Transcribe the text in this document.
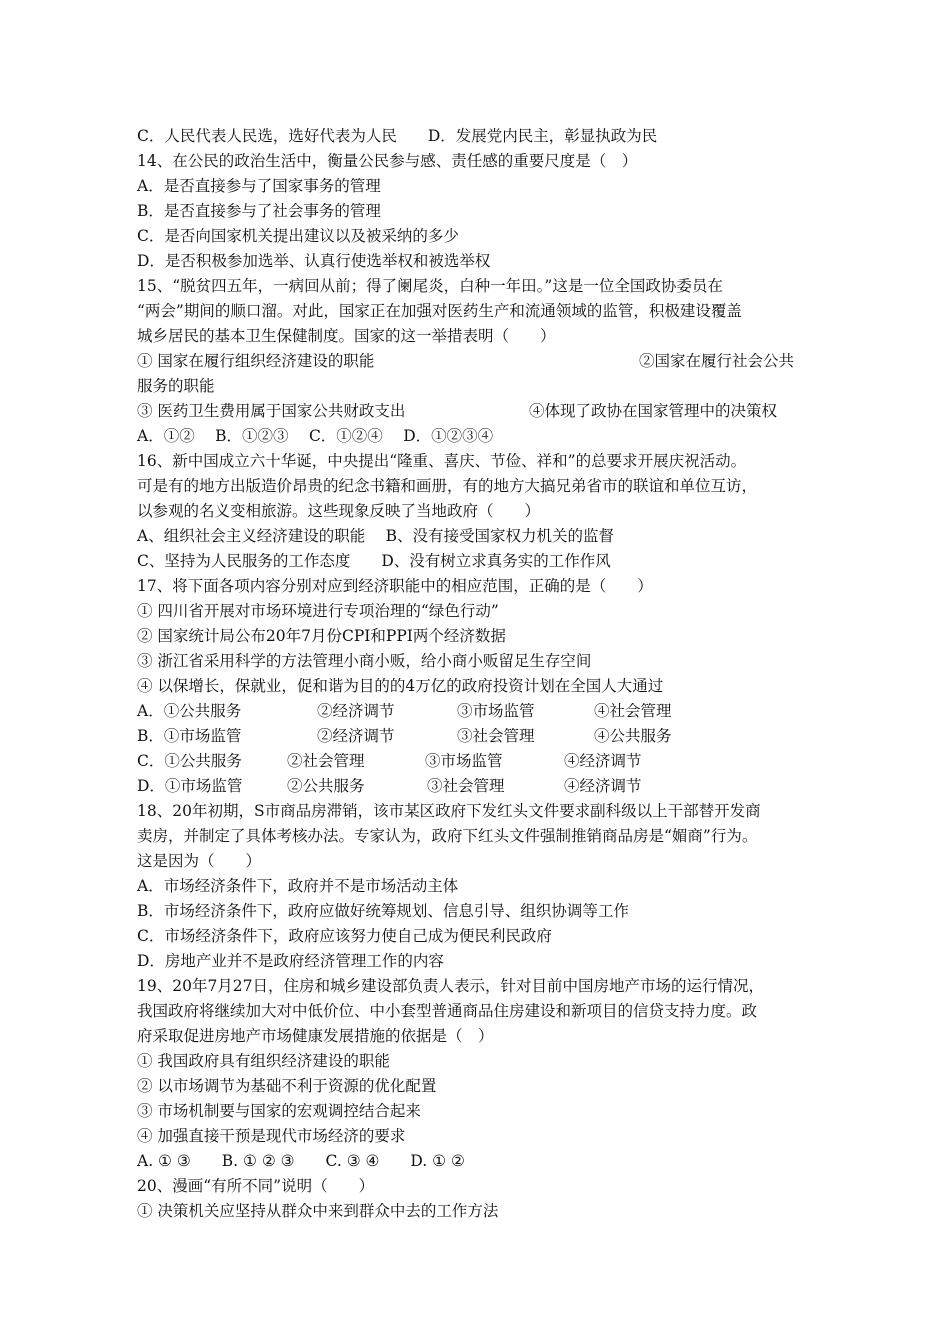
C．人民代表人民选，选好代表为人民　　D．发展党内民主，彰显执政为民
14、在公民的政治生活中，衡量公民参与感、责任感的重要尺度是（　）
A．是否直接参与了国家事务的管理
B．是否直接参与了社会事务的管理
C．是否向国家机关提出建议以及被采纳的多少
D．是否积极参加选举、认真行使选举权和被选举权
15、“脱贫四五年，一病回从前；得了阑尾炎，白种一年田。”这是一位全国政协委员在
“两会”期间的顺口溜。对此，国家正在加强对医药生产和流通领域的监管，积极建设覆盖
城乡居民的基本卫生保健制度。国家的这一举措表明（　　）
① 国家在履行组织经济建设的职能	②国家在履行社会公共
服务的职能
③ 医药卫生费用属于国家公共财政支出	④体现了政协在国家管理中的决策权
A．①②　 B．①②③　 C．①②④　 D．①②③④
16、新中国成立六十华诞，中央提出“隆重、喜庆、节俭、祥和”的总要求开展庆祝活动。
可是有的地方出版造价昂贵的纪念书籍和画册，有的地方大搞兄弟省市的联谊和单位互访，
以参观的名义变相旅游。这些现象反映了当地政府（　　）
A、组织社会主义经济建设的职能　 B、没有接受国家权力机关的监督
C、坚持为人民服务的工作态度　　D、没有树立求真务实的工作作风
17、将下面各项内容分别对应到经济职能中的相应范围，正确的是（　　）
① 四川省开展对市场环境进行专项治理的“绿色行动”
② 国家统计局公布20年7月份CPI和PPI两个经济数据
③ 浙江省采用科学的方法管理小商小贩，给小商小贩留足生存空间
④ 以保增长，保就业，促和谐为目的的4万亿的政府投资计划在全国人大通过
A．①公共服务	②经济调节	③市场监管	④社会管理
B．①市场监管	②经济调节	③社会管理	④公共服务
C．①公共服务	②社会管理	③市场监管	④经济调节
D．①市场监管	②公共服务	③社会管理	④经济调节
18、20年初期，S市商品房滞销，该市某区政府下发红头文件要求副科级以上干部替开发商
卖房，并制定了具体考核办法。专家认为，政府下红头文件强制推销商品房是“媚商”行为。
这是因为（　　）
A．市场经济条件下，政府并不是市场活动主体
B．市场经济条件下，政府应做好统筹规划、信息引导、组织协调等工作
C．市场经济条件下，政府应该努力使自己成为便民利民政府
D．房地产业并不是政府经济管理工作的内容
19、20年7月27日，住房和城乡建设部负责人表示，针对目前中国房地产市场的运行情况，
我国政府将继续加大对中低价位、中小套型普通商品住房建设和新项目的信贷支持力度。政
府采取促进房地产市场健康发展措施的依据是（　）
① 我国政府具有组织经济建设的职能
② 以市场调节为基础不利于资源的优化配置
③ 市场机制要与国家的宏观调控结合起来
④ 加强直接干预是现代市场经济的要求
A. ① ③　　B. ① ② ③　　C. ③ ④　　D. ① ②
20、漫画“有所不同”说明（　　）
① 决策机关应坚持从群众中来到群众中去的工作方法
